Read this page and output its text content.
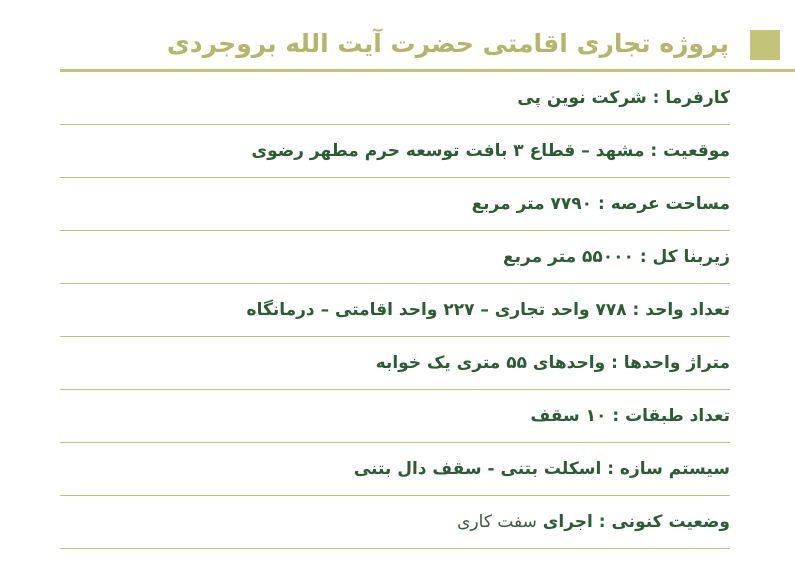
پروژه تجاری اقامتی حضرت آیت الله بروجردی
کارفرما : شرکت نوین پی
موقعیت : مشهد – قطاع ۳ بافت توسعه حرم مطهر رضوی
مساحت عرصه : ۷۷۹۰ متر مربع
زیربنا کل : ۵۵۰۰۰ متر مربع
تعداد واحد : ۷۷۸ واحد تجاری – ۲۲۷ واحد اقامتی – درمانگاه
متراژ واحدها : واحدهای ۵۵ متری یک خوابه
تعداد طبقات : ۱۰ سقف
سیستم سازه : اسکلت بتنی - سقف دال بتنی
وضعیت کنونی : اجرای سفت کاری
